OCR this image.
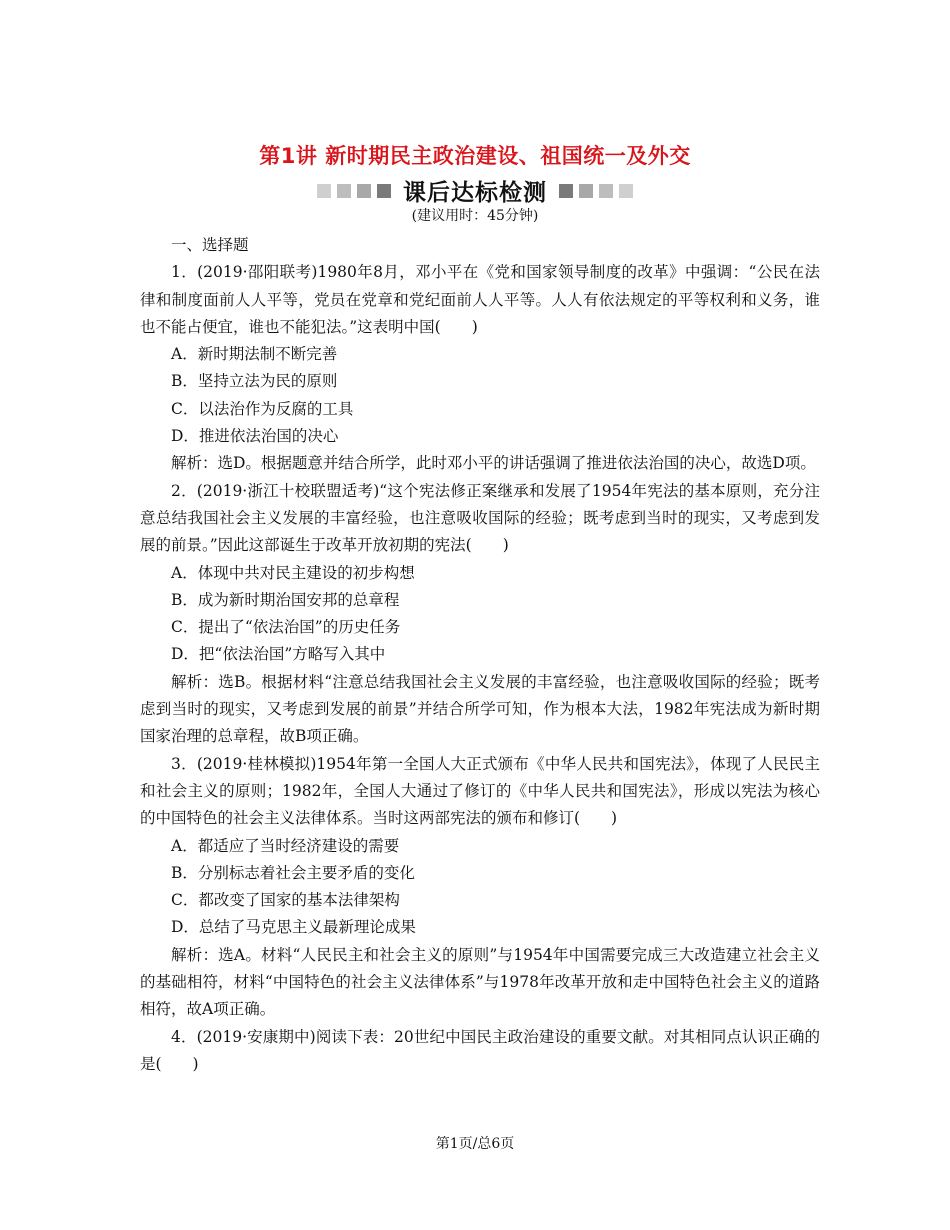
第1讲 新时期民主政治建设、祖国统一及外交
课后达标检测
(建议用时：45分钟)

一、选择题

1．(2019·邵阳联考)1980年8月，邓小平在《党和国家领导制度的改革》中强调：“公民在法律和制度面前人人平等，党员在党章和党纪面前人人平等。人人有依法规定的平等权利和义务，谁也不能占便宜，谁也不能犯法。”这表明中国(　　)

A．新时期法制不断完善

B．坚持立法为民的原则

C．以法治作为反腐的工具

D．推进依法治国的决心

解析：选D。根据题意并结合所学，此时邓小平的讲话强调了推进依法治国的决心，故选D项。

2．(2019·浙江十校联盟适考)“这个宪法修正案继承和发展了1954年宪法的基本原则，充分注意总结我国社会主义发展的丰富经验，也注意吸收国际的经验；既考虑到当时的现实，又考虑到发展的前景。”因此这部诞生于改革开放初期的宪法(　　)

A．体现中共对民主建设的初步构想

B．成为新时期治国安邦的总章程

C．提出了“依法治国”的历史任务

D．把“依法治国”方略写入其中

解析：选B。根据材料“注意总结我国社会主义发展的丰富经验，也注意吸收国际的经验；既考虑到当时的现实，又考虑到发展的前景”并结合所学可知，作为根本大法，1982年宪法成为新时期国家治理的总章程，故B项正确。

3．(2019·桂林模拟)1954年第一全国人大正式颁布《中华人民共和国宪法》，体现了人民民主和社会主义的原则；1982年，全国人大通过了修订的《中华人民共和国宪法》，形成以宪法为核心的中国特色的社会主义法律体系。当时这两部宪法的颁布和修订(　　)

A．都适应了当时经济建设的需要

B．分别标志着社会主要矛盾的变化

C．都改变了国家的基本法律架构

D．总结了马克思主义最新理论成果

解析：选A。材料“人民民主和社会主义的原则”与1954年中国需要完成三大改造建立社会主义的基础相符，材料“中国特色的社会主义法律体系”与1978年改革开放和走中国特色社会主义的道路相符，故A项正确。

4．(2019·安康期中)阅读下表：20世纪中国民主政治建设的重要文献。对其相同点认识正确的是(　　)

第1页/总6页
